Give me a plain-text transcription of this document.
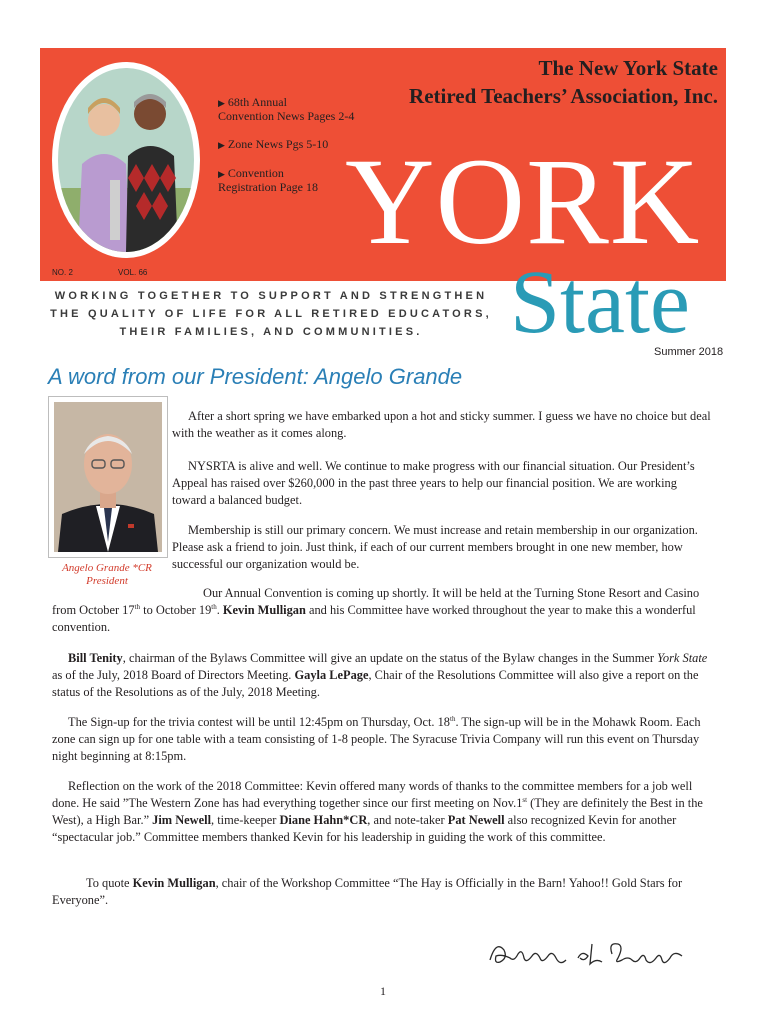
The New York State
Retired Teachers’ Association, Inc.
▶ 68th Annual
Convention News Pages 2-4
▶ Zone News Pgs 5-10
▶ Convention
Registration Page 18 YORK
NO. 2	VOL. 66
WORKING TOGETHER TO SUPPORT AND STRENGTHEN
THE QUALITY OF LIFE FOR ALL RETIRED EDUCATORS,
THEIR FAMILIES, AND COMMUNITIES. State
Summer 2018
A word from our President: Angelo Grande
Angelo Grande *CR
President

After a short spring we have embarked upon a hot and sticky summer. I guess we have no choice but deal with the weather as it comes along.

NYSRTA is alive and well. We continue to make progress with our financial situation. Our President’s Appeal has raised over $260,000 in the past three years to help our financial position. We are working toward a balanced budget.

Membership is still our primary concern. We must increase and retain membership in our organization. Please ask a friend to join. Just think, if each of our current members brought in one new member, how successful our organization would be.

Our Annual Convention is coming up shortly. It will be held at the Turning Stone Resort and Casino from October 17th to October 19th. Kevin Mulligan and his Committee have worked throughout the year to make this a wonderful convention.

Bill Tenity, chairman of the Bylaws Committee will give an update on the status of the Bylaw changes in the Summer York State as of the July, 2018 Board of Directors Meeting. Gayla LePage, Chair of the Resolutions Committee will also give a report on the status of the Resolutions as of the July, 2018 Meeting.

The Sign-up for the trivia contest will be until 12:45pm on Thursday, Oct. 18th. The sign-up will be in the Mohawk Room. Each zone can sign up for one table with a team consisting of 1-8 people. The Syracuse Trivia Company will run this event on Thursday night beginning at 8:15pm.

Reflection on the work of the 2018 Committee: Kevin offered many words of thanks to the committee members for a job well done. He said ”The Western Zone has had everything together since our first meeting on Nov.1st (They are definitely the Best in the West), a High Bar.” Jim Newell, time-keeper Diane Hahn*CR, and note-taker Pat Newell also recognized Kevin for another “spectacular job.” Committee members thanked Kevin for his leadership in guiding the work of this committee.

To quote Kevin Mulligan, chair of the Workshop Committee “The Hay is Officially in the Barn! Yahoo!! Gold Stars for Everyone”.

1
